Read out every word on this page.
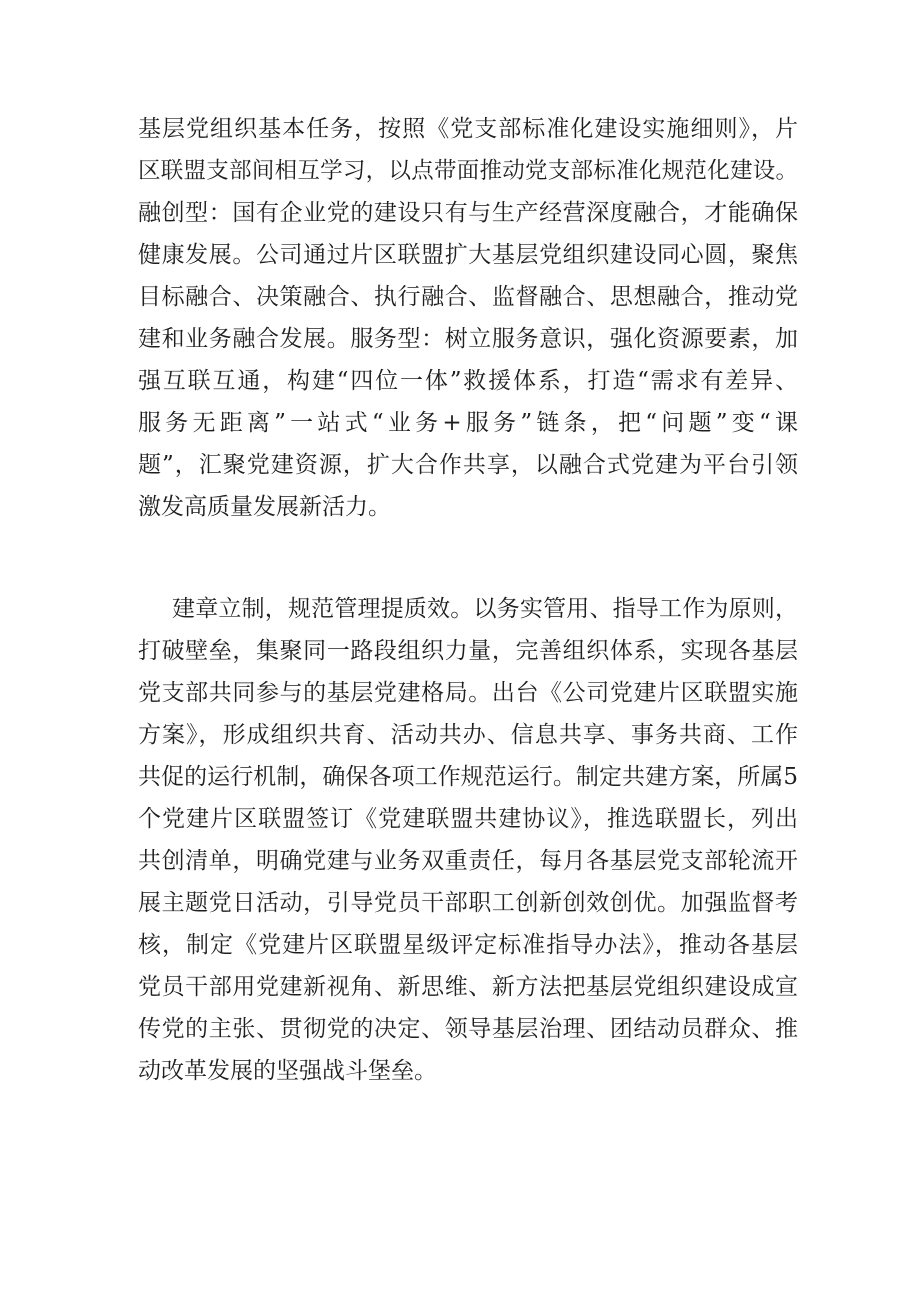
基层党组织基本任务，按照《党支部标准化建设实施细则》，片
区联盟支部间相互学习，以点带面推动党支部标准化规范化建设。
融创型：国有企业党的建设只有与生产经营深度融合，才能确保
健康发展。公司通过片区联盟扩大基层党组织建设同心圆，聚焦
目标融合、决策融合、执行融合、监督融合、思想融合，推动党
建和业务融合发展。服务型：树立服务意识，强化资源要素，加
强互联互通，构建“四位一体”救援体系，打造“需求有差异、
服务无距离”一站式“业务+服务”链条，把“问题”变“课
题”，汇聚党建资源，扩大合作共享，以融合式党建为平台引领
激发高质量发展新活力。
建章立制，规范管理提质效。以务实管用、指导工作为原则，
打破壁垒，集聚同一路段组织力量，完善组织体系，实现各基层
党支部共同参与的基层党建格局。出台《公司党建片区联盟实施
方案》，形成组织共育、活动共办、信息共享、事务共商、工作
共促的运行机制，确保各项工作规范运行。制定共建方案，所属5
个党建片区联盟签订《党建联盟共建协议》，推选联盟长，列出
共创清单，明确党建与业务双重责任，每月各基层党支部轮流开
展主题党日活动，引导党员干部职工创新创效创优。加强监督考
核，制定《党建片区联盟星级评定标准指导办法》，推动各基层
党员干部用党建新视角、新思维、新方法把基层党组织建设成宣
传党的主张、贯彻党的决定、领导基层治理、团结动员群众、推
动改革发展的坚强战斗堡垒。
